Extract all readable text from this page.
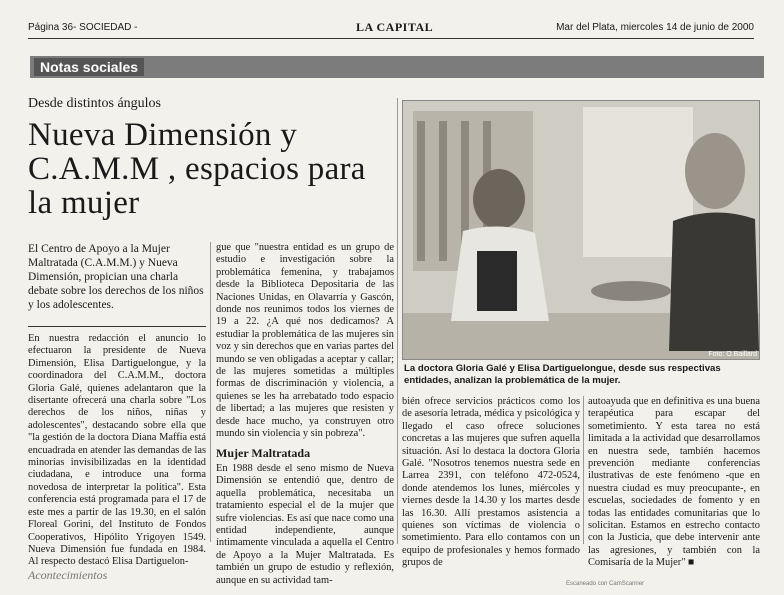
Página 36- SOCIEDAD -	LA CAPITAL	Mar del Plata, miercoles 14 de junio de 2000
Notas sociales
Desde distintos ángulos
Nueva Dimensión y C.A.M.M , espacios para la mujer
El Centro de Apoyo a la Mujer Maltratada (C.A.M.M.) y Nueva Dimensión, propician una charla debate sobre los derechos de los niños y los adolescentes.
En nuestra redacción el anuncio lo efectuaron la presidente de Nueva Dimensión, Elisa Dartiguelongue, y la coordinadora del C.A.M.M., doctora Gloria Galé, quienes adelantaron que la disertante ofrecerá una charla sobre "Los derechos de los niños, niñas y adolescentes", destacando sobre ella que "la gestión de la doctora Diana Maffía está encuadrada en atender las demandas de las minorías invisibilizadas en la identidad ciudadana, e introduce una forma novedosa de interpretar la política". Esta conferencia está programada para el 17 de este mes a partir de las 19.30, en el salón Floreal Gorini, del Instituto de Fondos Cooperativos, Hipólito Yrigoyen 1549. Nueva Dimensión fue fundada en 1984. Al respecto destacó Elisa Dartiguelon-
gue que "nuestra entidad es un grupo de estudio e investigación sobre la problemática femenina, y trabajamos desde la Biblioteca Depositaria de las Naciones Unidas, en Olavarría y Gascón, donde nos reunimos todos los viernes de 19 a 22. ¿A qué nos dedicamos? A estudiar la problemática de las mujeres sin voz y sin derechos que en varias partes del mundo se ven obligadas a aceptar y callar; de las mujeres sometidas a múltiples formas de discriminación y violencia, a quienes se les ha arrebatado todo espacio de libertad; a las mujeres que resisten y desde hace mucho, ya construyen otro mundo sin violencia y sin pobreza".
Mujer Maltratada
En 1988 desde el seno mismo de Nueva Dimensión se entendió que, dentro de aquella problemática, necesitaba un tratamiento especial el de la mujer que sufre violencias. Es así que nace como una entidad independiente, aunque íntimamente vinculada a aquella el Centro de Apoyo a la Mujer Maltratada. Es también un grupo de estudio y reflexión, aunque en su actividad tam-
Foto: O.Baillard
La doctora Gloria Galé y Elisa Dartiguelongue, desde sus respectivas entidades, analizan la problemática de la mujer.
bién ofrece servicios prácticos como los de asesoría letrada, médica y psicológica y llegado el caso ofrece soluciones concretas a las mujeres que sufren aquella situación. Así lo destaca la doctora Gloria Galé. "Nosotros tenemos nuestra sede en Larrea 2391, con teléfono 472-0524, donde atendemos los lunes, miércoles y viernes desde la 14.30 y los martes desde las 16.30. Allí prestamos asistencia a quienes son víctimas de violencia o sometimiento. Para ello contamos con un equipo de profesionales y hemos formado grupos de
autoayuda que en definitiva es una buena terapéutica para escapar del sometimiento. Y esta tarea no está limitada a la actividad que desarrollamos en nuestra sede, también hacemos prevención mediante conferencias ilustrativas de este fenómeno -que en nuestra ciudad es muy preocupante-, en escuelas, sociedades de fomento y en todas las entidades comunitarias que lo solicitan. Estamos en estrecho contacto con la Justicia, que debe intervenir ante las agresiones, y también con la Comisaría de la Mujer" ■
Acontecimientos
Escaneado con CamScanner
